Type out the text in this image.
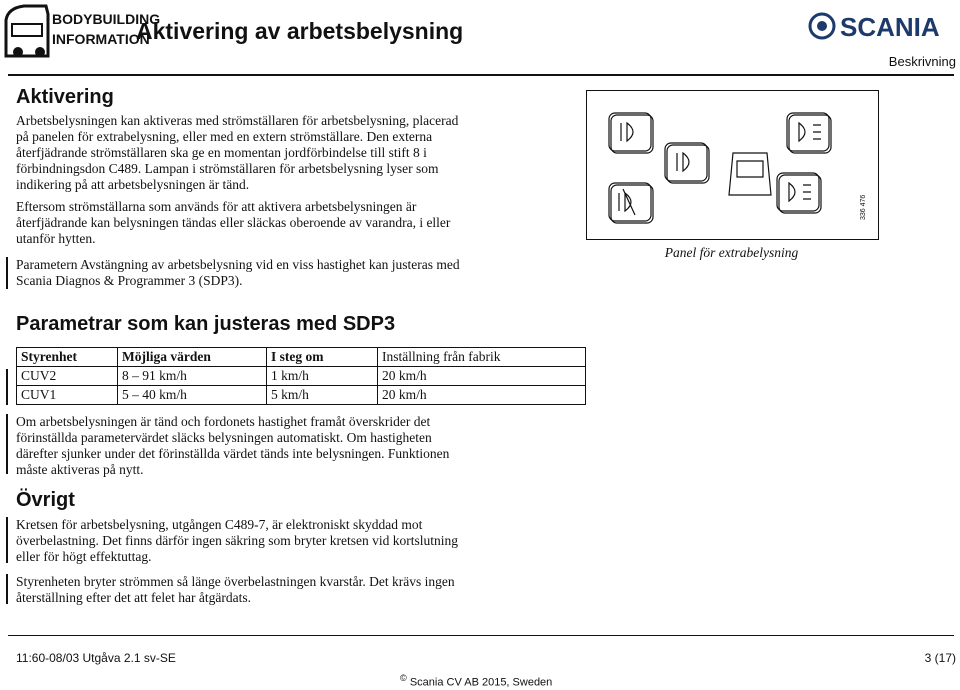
BODYBUILDING
INFORMATION
Aktivering av arbetsbelysning	SCANIA
Beskrivning
Aktivering

Arbetsbelysningen kan aktiveras med strömställaren för arbetsbelysning, placerad på panelen för extrabelysning, eller med en extern strömställare. Den externa återfjädrande strömställaren ska ge en momentan jordförbindelse till stift 8 i förbindningsdon C489. Lampan i strömställaren för arbetsbelysning lyser som indikering på att arbetsbelysningen är tänd.

Eftersom strömställarna som används för att aktivera arbetsbelysningen är återfjädrande kan belysningen tändas eller släckas oberoende av varandra, i eller utanför hytten.

Parametern Avstängning av arbetsbelysning vid en viss hastighet kan justeras med Scania Diagnos & Programmer 3 (SDP3).

336 476
Panel för extrabelysning
Parametrar som kan justeras med SDP3
Styrenhet	Möjliga värden	I steg om	Inställning från fabrik
CUV2	8 – 91 km/h	1 km/h	20 km/h
CUV1	5 – 40 km/h	5 km/h	20 km/h

Om arbetsbelysningen är tänd och fordonets hastighet framåt överskrider det förinställda parametervärdet släcks belysningen automatiskt. Om hastigheten därefter sjunker under det förinställda värdet tänds inte belysningen. Funktionen måste aktiveras på nytt.

Övrigt

Kretsen för arbetsbelysning, utgången C489-7, är elektroniskt skyddad mot överbelastning. Det finns därför ingen säkring som bryter kretsen vid kortslutning eller för högt effektuttag.

Styrenheten bryter strömmen så länge överbelastningen kvarstår. Det krävs ingen återställning efter det att felet har åtgärdats.

11:60-08/03 Utgåva 2.1 sv-SE	3 (17)
© Scania CV AB 2015, Sweden
